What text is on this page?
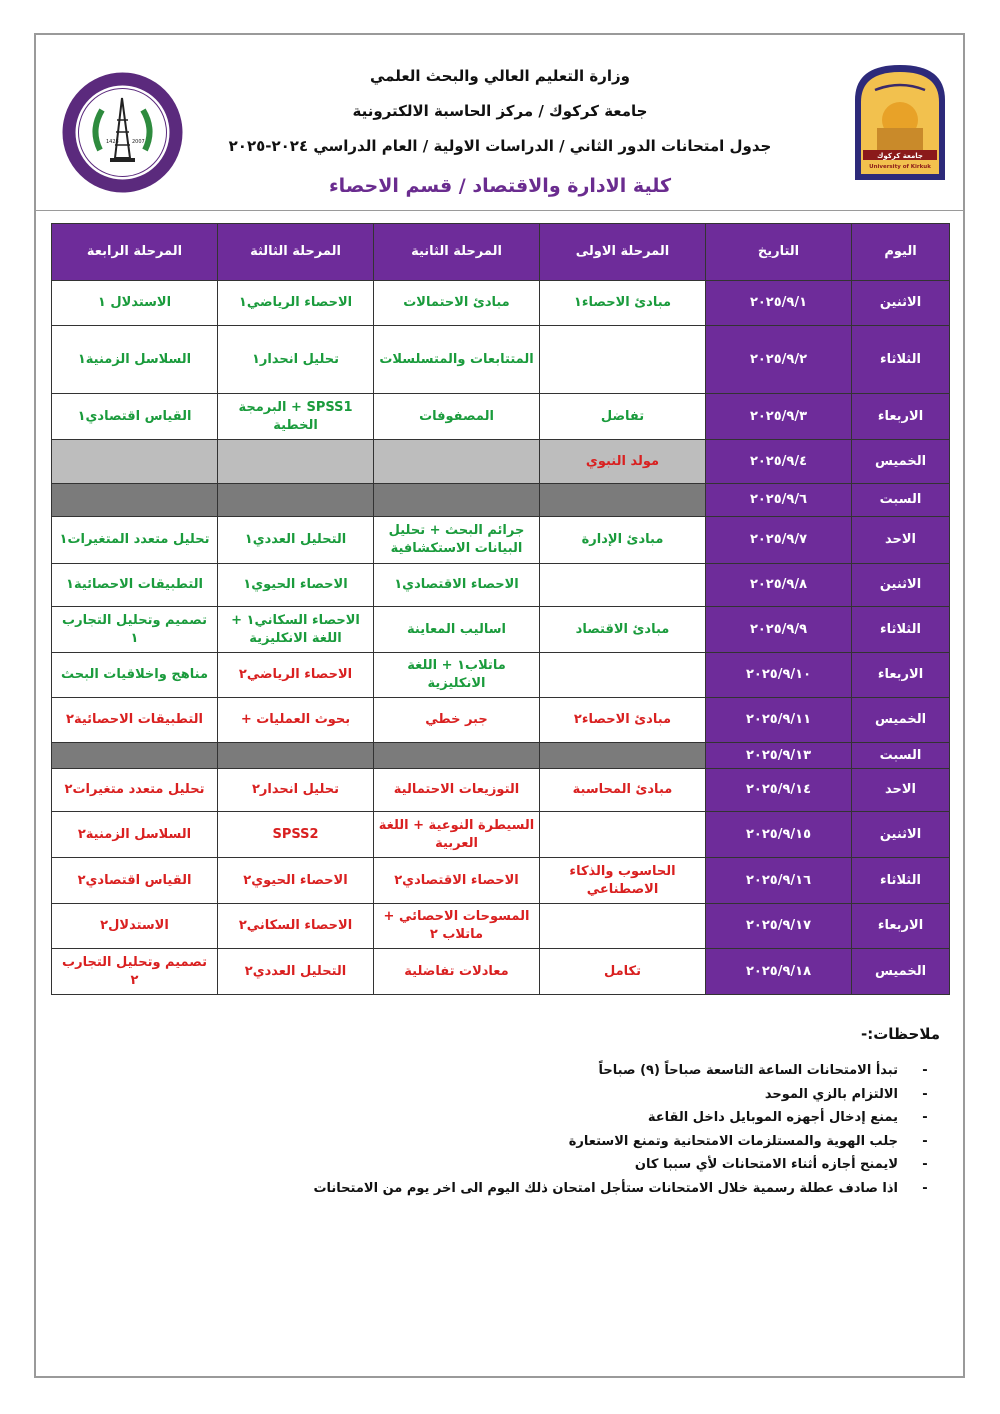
1428	2007
جامعة كركوك
University of Kirkuk
وزارة التعليم العالي والبحث العلمي
جامعة كركوك / مركز الحاسبة الالكترونية
جدول امتحانات الدور الثاني / الدراسات الاولية / العام الدراسي ٢٠٢٤-٢٠٢٥
كلية الادارة والاقتصاد / قسم الاحصاء
اليوم	التاريخ	المرحلة الاولى	المرحلة الثانية	المرحلة الثالثة	المرحلة الرابعة
الاثنين	٢٠٢٥/٩/١	مبادئ الاحصاء١	مبادئ الاحتمالات	الاحصاء الرياضي١	الاستدلال ١
الثلاثاء	٢٠٢٥/٩/٢		المتتابعات والمتسلسلات	تحليل انحدار١	السلاسل الزمنية١
الاربعاء	٢٠٢٥/٩/٣	تفاضل	المصفوفات	SPSS1 + البرمجة الخطية	القياس اقتصادي١
الخميس	٢٠٢٥/٩/٤	مولد النبوي			
السبت	٢٠٢٥/٩/٦				
الاحد	٢٠٢٥/٩/٧	مبادئ الإدارة	جرائم البحث + تحليل البيانات الاستكشافية	التحليل العددي١	تحليل متعدد المتغيرات١
الاثنين	٢٠٢٥/٩/٨		الاحصاء الاقتصادي١	الاحصاء الحيوي١	التطبيقات الاحصائية١
الثلاثاء	٢٠٢٥/٩/٩	مبادئ الاقتصاد	اساليب المعاينة	الاحصاء السكاني١ + اللغة الانكليزية	تصميم وتحليل التجارب ١
الاربعاء	٢٠٢٥/٩/١٠		ماتلاب١ + اللغة الانكليزية	الاحصاء الرياضي٢	مناهج واخلاقيات البحث
الخميس	٢٠٢٥/٩/١١	مبادئ الاحصاء٢	جبر خطي	بحوث العمليات +	التطبيقات الاحصائية٢
السبت	٢٠٢٥/٩/١٣				
الاحد	٢٠٢٥/٩/١٤	مبادئ المحاسبة	التوزيعات الاحتمالية	تحليل انحدار٢	تحليل متعدد متغيرات٢
الاثنين	٢٠٢٥/٩/١٥		السيطرة النوعية + اللغة العربية	SPSS2	السلاسل الزمنية٢
الثلاثاء	٢٠٢٥/٩/١٦	الحاسوب والذكاء الاصطناعي	الاحصاء الاقتصادي٢	الاحصاء الحيوي٢	القياس اقتصادي٢
الاربعاء	٢٠٢٥/٩/١٧		المسوحات الاحصائي + ماتلاب ٢	الاحصاء السكاني٢	الاستدلال٢
الخميس	٢٠٢٥/٩/١٨	تكامل	معادلات تفاضلية	التحليل العددي٢	تصميم وتحليل التجارب ٢
ملاحظات:-
-تبدأ الامتحانات الساعة التاسعة صباحاً (٩) صباحاً
-الالتزام بالزي الموحد
-يمنع إدخال أجهزه الموبايل داخل القاعة
-جلب الهوية والمستلزمات الامتحانية وتمنع الاستعارة
-لايمنح أجازه أثناء الامتحانات لأي سببا كان
-اذا صادف عطلة رسمية خلال الامتحانات ستأجل امتحان ذلك اليوم الى اخر يوم من الامتحانات
